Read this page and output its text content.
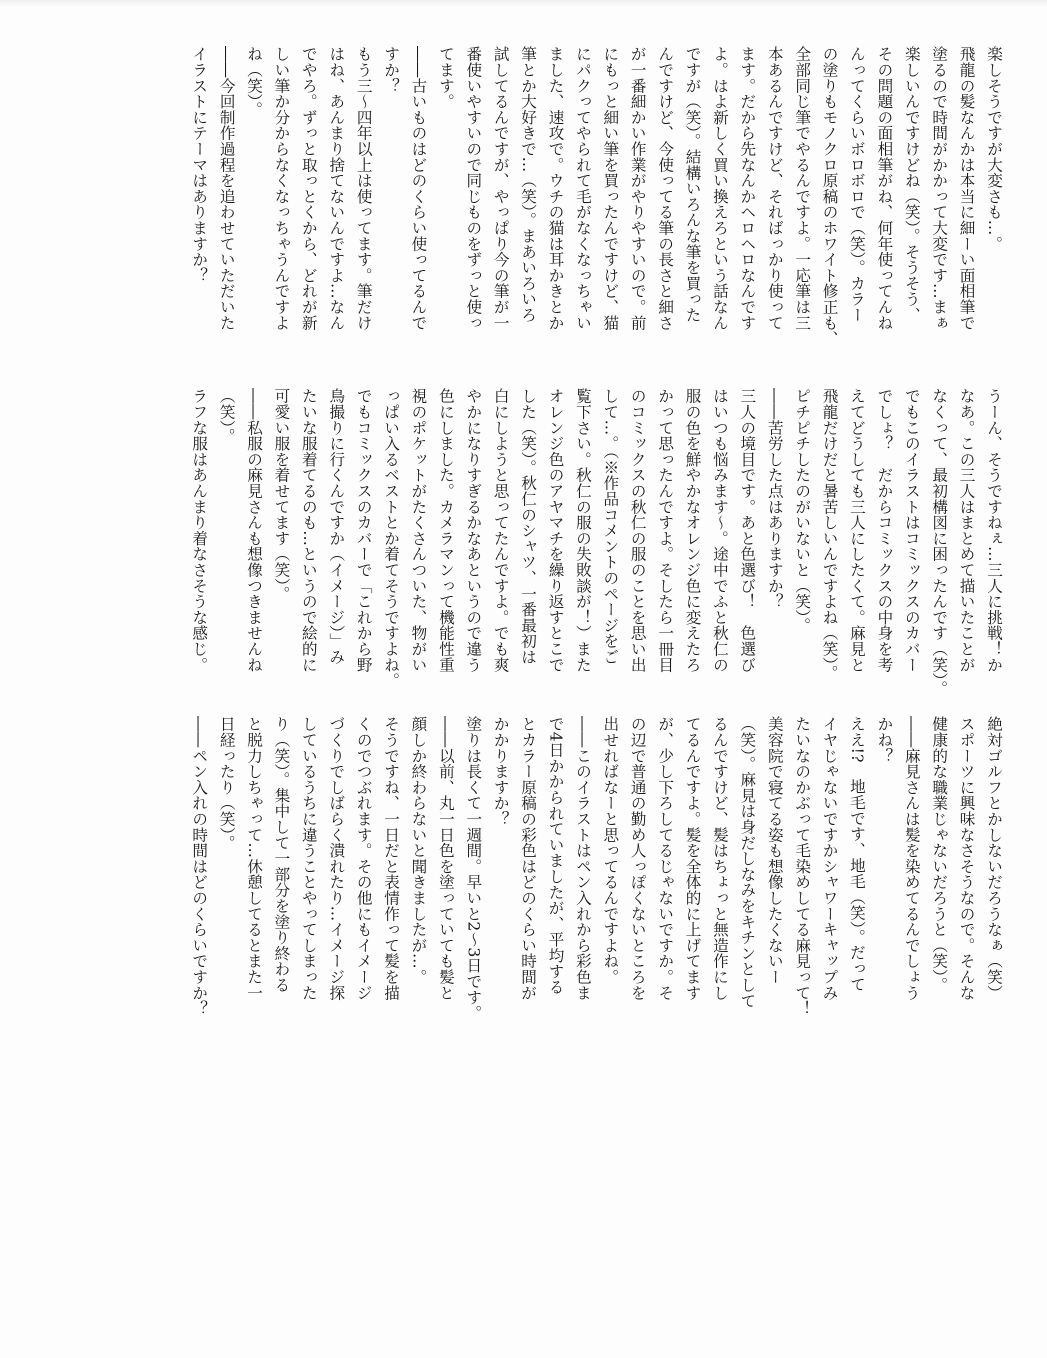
楽しそうですが大変さも…。
飛龍の髪なんかは本当に細ーい面相筆で
塗るので時間がかかって大変です…まぁ
楽しいんですけどね（笑）。そうそう、
その問題の面相筆がね、何年使ってんね
んってくらいボロボロで（笑）。カラー
の塗りもモノクロ原稿のホワイト修正も、
全部同じ筆でやるんですよ。一応筆は三
本あるんですけど、そればっかり使って
ます。だから先なんかヘロヘロなんです
よ。はよ新しく買い換えろという話なん
ですが（笑）。結構いろんな筆を買った
んですけど、今使ってる筆の長さと細さ
が一番細かい作業がやりやすいので。前
にもっと細い筆を買ったんですけど、猫
にパクってやられて毛がなくなっちゃい
ました、速攻で。ウチの猫は耳かきとか
筆とか大好きで…（笑）。まあいろいろ
試してるんですが、やっぱり今の筆が一
番使いやすいので同じものをずっと使っ
てます。
――古いものはどのくらい使ってるんで
すか？
もう三～四年以上は使ってます。筆だけ
はね、あんまり捨てないんですよ…なん
でやろ。ずっと取っとくから、どれが新
しい筆か分からなくなっちゃうんですよ
ね（笑）。
――今回制作過程を追わせていただいた
イラストにテーマはありますか？
うーん、そうですねぇ…三人に挑戦！か
なあ。この三人はまとめて描いたことが
なくって、最初構図に困ったんです（笑）。
でもこのイラストはコミックスのカバー
でしょ？　だからコミックスの中身を考
えてどうしても三人にしたくて。麻見と
飛龍だけだと暑苦しいんですよね（笑）。
ピチピチしたのがいないと（笑）。
――苦労した点はありますか？
三人の境目です。あと色選び！　色選び
はいつも悩みます～。途中でふと秋仁の
服の色を鮮やかなオレンジ色に変えたろ
かって思ったんですよ。そしたら一冊目
のコミックスの秋仁の服のことを思い出
して…。（※作品コメントのページをご
覧下さい。秋仁の服の失敗談が！）また
オレンジ色のアヤマチを繰り返すとこで
した（笑）。秋仁のシャツ、一番最初は
白にしようと思ってたんですよ。でも爽
やかになりすぎるかなあというので違う
色にしました。カメラマンって機能性重
視のポケットがたくさんついた、物がい
っぱい入るベストとか着てそうですよね。
でもコミックスのカバーで「これから野
鳥撮りに行くんですか（イメージ）」み
たいな服着てるのも…というので絵的に
可愛い服を着せてます（笑）。
――私服の麻見さんも想像つきませんね
（笑）。
ラフな服はあんまり着なさそうな感じ。
絶対ゴルフとかしないだろうなぁ（笑）
スポーツに興味なさそうなので。そんな
健康的な職業じゃないだろうと（笑）。
――麻見さんは髪を染めてるんでしょう
かね？
ええ!?　地毛です、地毛（笑）。だって
イヤじゃないですかシャワーキャップみ
たいなのかぶって毛染めしてる麻見って！
美容院で寝てる姿も想像したくないー
（笑）。麻見は身だしなみをキチンとして
るんですけど、髪はちょっと無造作にし
てるんですよ。髪を全体的に上げてます
が、少し下ろしてるじゃないですか。そ
の辺で普通の勤め人っぽくないところを
出せればなーと思ってるんですよね。
――このイラストはペン入れから彩色ま
で4日かかられていましたが、平均する
とカラー原稿の彩色はどのくらい時間が
かかりますか？
塗りは長くて一週間。早いと2～3日です。
――以前、丸一日色を塗っていても髪と
顔しか終わらないと聞きましたが…。
そうですね、一日だと表情作って髪を描
くのでつぶれます。その他にもイメージ
づくりでしばらく潰れたり…イメージ探
しているうちに違うことやってしまった
り（笑）。集中して一部分を塗り終わる
と脱力しちゃって…休憩してるとまた一
日経ったり（笑）。
――ペン入れの時間はどのくらいですか？
